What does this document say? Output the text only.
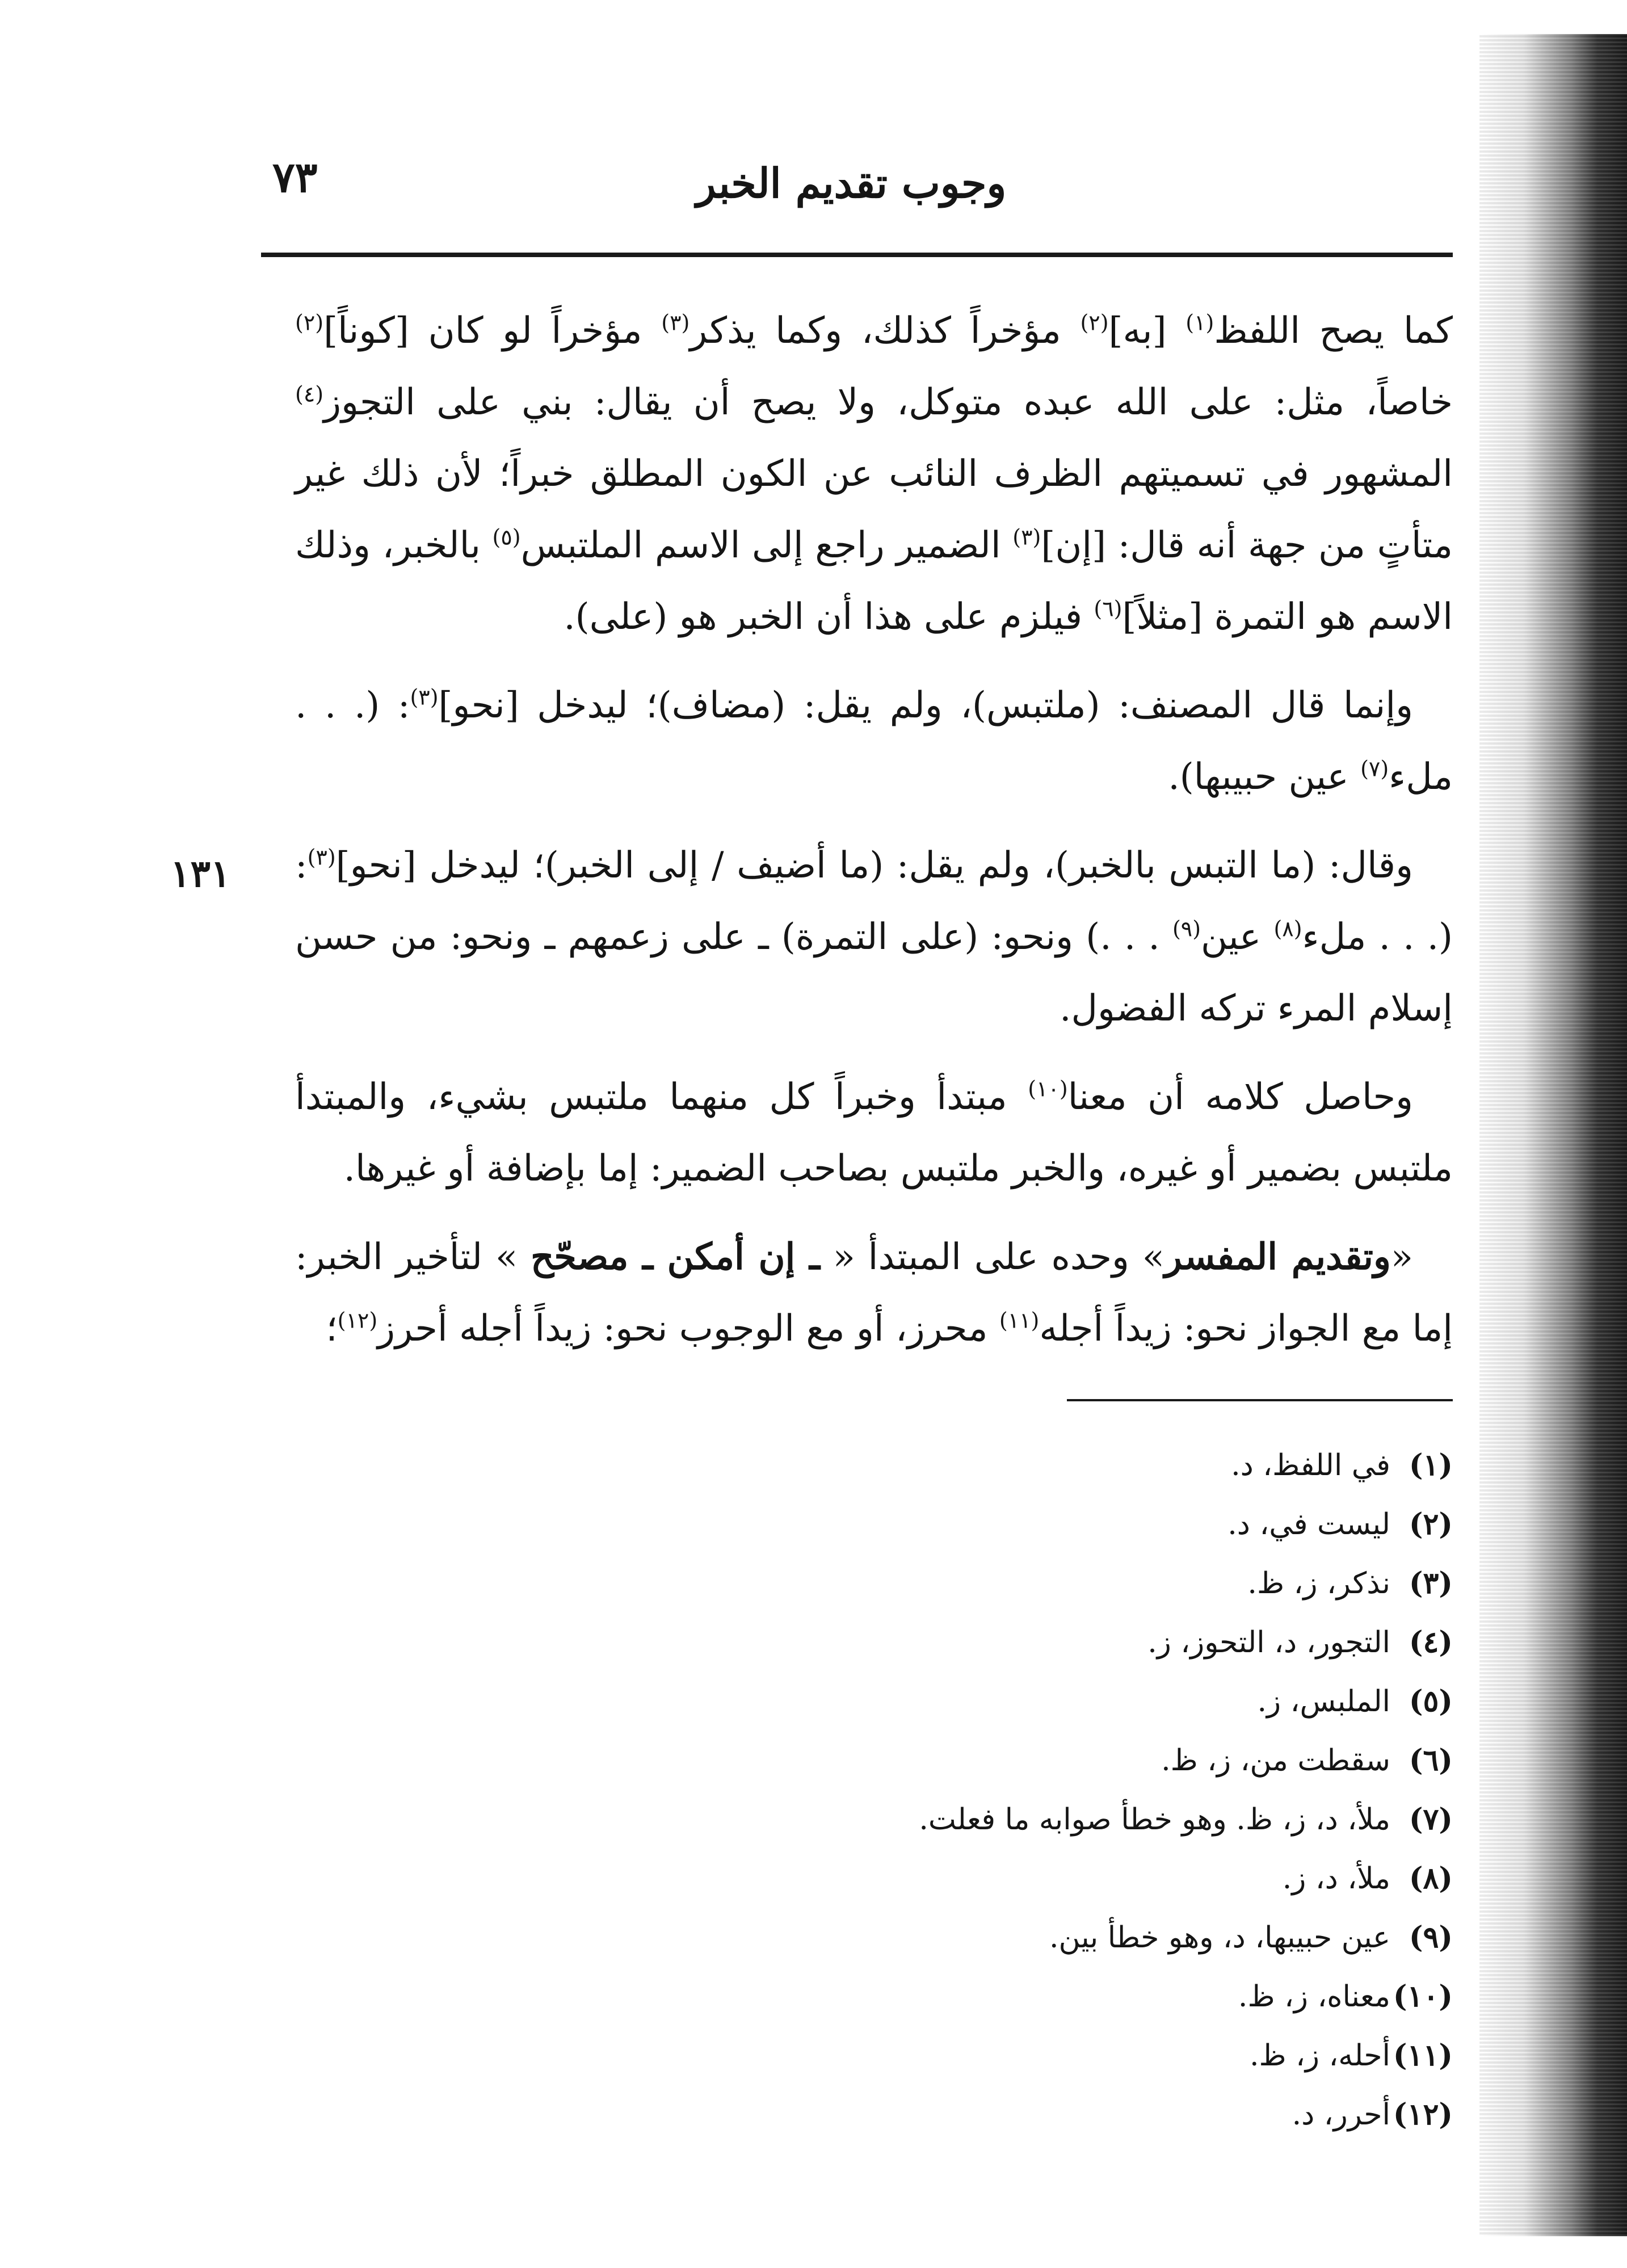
٧٣	وجوب تقديم الخبر
١٣١

كما يصح اللفظ$^{(١)}$ [به]$^{(٢)}$ مؤخراً كذلك، وكما يذكر$^{(٣)}$ مؤخراً لو كان [كوناً]$^{(٢)}$ خاصاً، مثل: على الله عبده متوكل، ولا يصح أن يقال: بني على التجوز$^{(٤)}$ المشهور في تسميتهم الظرف النائب عن الكون المطلق خبراً؛ لأن ذلك غير متأتٍ من جهة أنه قال: [إن]$^{(٣)}$ الضمير راجع إلى الاسم الملتبس$^{(٥)}$ بالخبر، وذلك الاسم هو التمرة [مثلاً]$^{(٦)}$ فيلزم على هذا أن الخبر هو (على).

وإنما قال المصنف: (ملتبس)، ولم يقل: (مضاف)؛ ليدخل [نحو]$^{(٣)}$: (. . . ملء$^{(٧)}$ عين حبيبها).

وقال: (ما التبس بالخبر)، ولم يقل: (ما أضيف / إلى الخبر)؛ ليدخل [نحو]$^{(٣)}$: (. . . ملء$^{(٨)}$ عين$^{(٩)}$ . . .) ونحو: (على التمرة) ـ على زعمهم ـ ونحو: من حسن إسلام المرء تركه الفضول.

وحاصل كلامه أن معنا$^{(١٠)}$ مبتدأ وخبراً كل منهما ملتبس بشيء، والمبتدأ ملتبس بضمير أو غيره، والخبر ملتبس بصاحب الضمير: إما بإضافة أو غيرها.

«وتقديم المفسر» وحده على المبتدأ « ـ إن أمكن ـ مصحّح » لتأخير الخبر: إما مع الجواز نحو: زيداً أجله$^{(١١)}$ محرز، أو مع الوجوب نحو: زيداً أجله أحرز$^{(١٢)}$؛

(١)في اللفظ، د.
(٢)ليست في، د.
(٣)نذكر، ز، ظ.
(٤)التجور، د، التحوز، ز.
(٥)الملبس، ز.
(٦)سقطت من، ز، ظ.
(٧)ملأ، د، ز، ظ. وهو خطأ صوابه ما فعلت.
(٨)ملأ، د، ز.
(٩)عين حبيبها، د، وهو خطأ بين.
(١٠)معناه، ز، ظ.
(١١)أحله، ز، ظ.
(١٢)أحرر، د.
